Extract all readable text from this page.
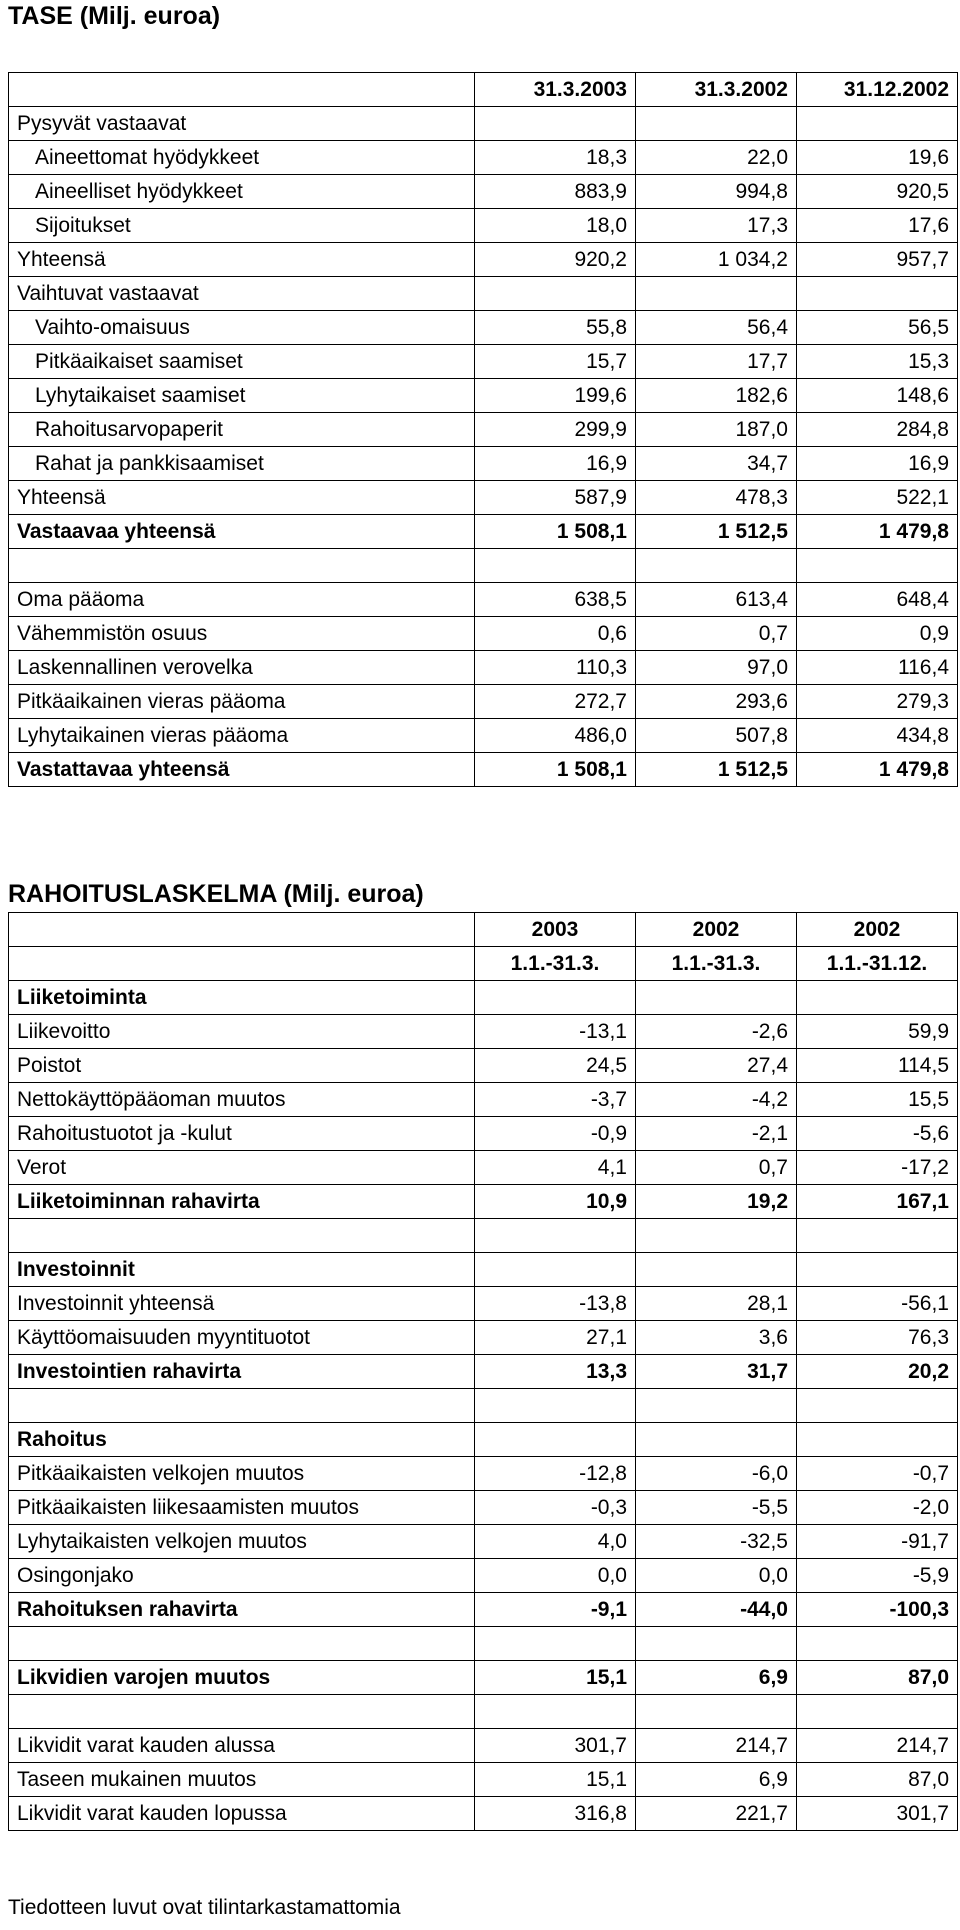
TASE (Milj. euroa)
	31.3.2003	31.3.2002	31.12.2002
Pysyvät vastaavat			
Aineettomat hyödykkeet	18,3	22,0	19,6
Aineelliset hyödykkeet	883,9	994,8	920,5
Sijoitukset	18,0	17,3	17,6
Yhteensä	920,2	1 034,2	957,7
Vaihtuvat vastaavat			
Vaihto-omaisuus	55,8	56,4	56,5
Pitkäaikaiset saamiset	15,7	17,7	15,3
Lyhytaikaiset saamiset	199,6	182,6	148,6
Rahoitusarvopaperit	299,9	187,0	284,8
Rahat ja pankkisaamiset	16,9	34,7	16,9
Yhteensä	587,9	478,3	522,1
Vastaavaa yhteensä	1 508,1	1 512,5	1 479,8

Oma pääoma	638,5	613,4	648,4
Vähemmistön osuus	0,6	0,7	0,9
Laskennallinen verovelka	110,3	97,0	116,4
Pitkäaikainen vieras pääoma	272,7	293,6	279,3
Lyhytaikainen vieras pääoma	486,0	507,8	434,8
Vastattavaa yhteensä	1 508,1	1 512,5	1 479,8
RAHOITUSLASKELMA (Milj. euroa)
	2003	2002	2002
	1.1.-31.3.	1.1.-31.3.	1.1.-31.12.
Liiketoiminta			
Liikevoitto	-13,1	-2,6	59,9
Poistot	24,5	27,4	114,5
Nettokäyttöpääoman muutos	-3,7	-4,2	15,5
Rahoitustuotot ja -kulut	-0,9	-2,1	-5,6
Verot	4,1	0,7	-17,2
Liiketoiminnan rahavirta	10,9	19,2	167,1

Investoinnit			
Investoinnit yhteensä	-13,8	28,1	-56,1
Käyttöomaisuuden myyntituotot	27,1	3,6	76,3
Investointien rahavirta	13,3	31,7	20,2

Rahoitus			
Pitkäaikaisten velkojen muutos	-12,8	-6,0	-0,7
Pitkäaikaisten liikesaamisten muutos	-0,3	-5,5	-2,0
Lyhytaikaisten velkojen muutos	4,0	-32,5	-91,7
Osingonjako	0,0	0,0	-5,9
Rahoituksen rahavirta	-9,1	-44,0	-100,3

Likvidien varojen muutos	15,1	6,9	87,0

Likvidit varat kauden alussa	301,7	214,7	214,7
Taseen mukainen muutos	15,1	6,9	87,0
Likvidit varat kauden lopussa	316,8	221,7	301,7

Tiedotteen luvut ovat tilintarkastamattomia
